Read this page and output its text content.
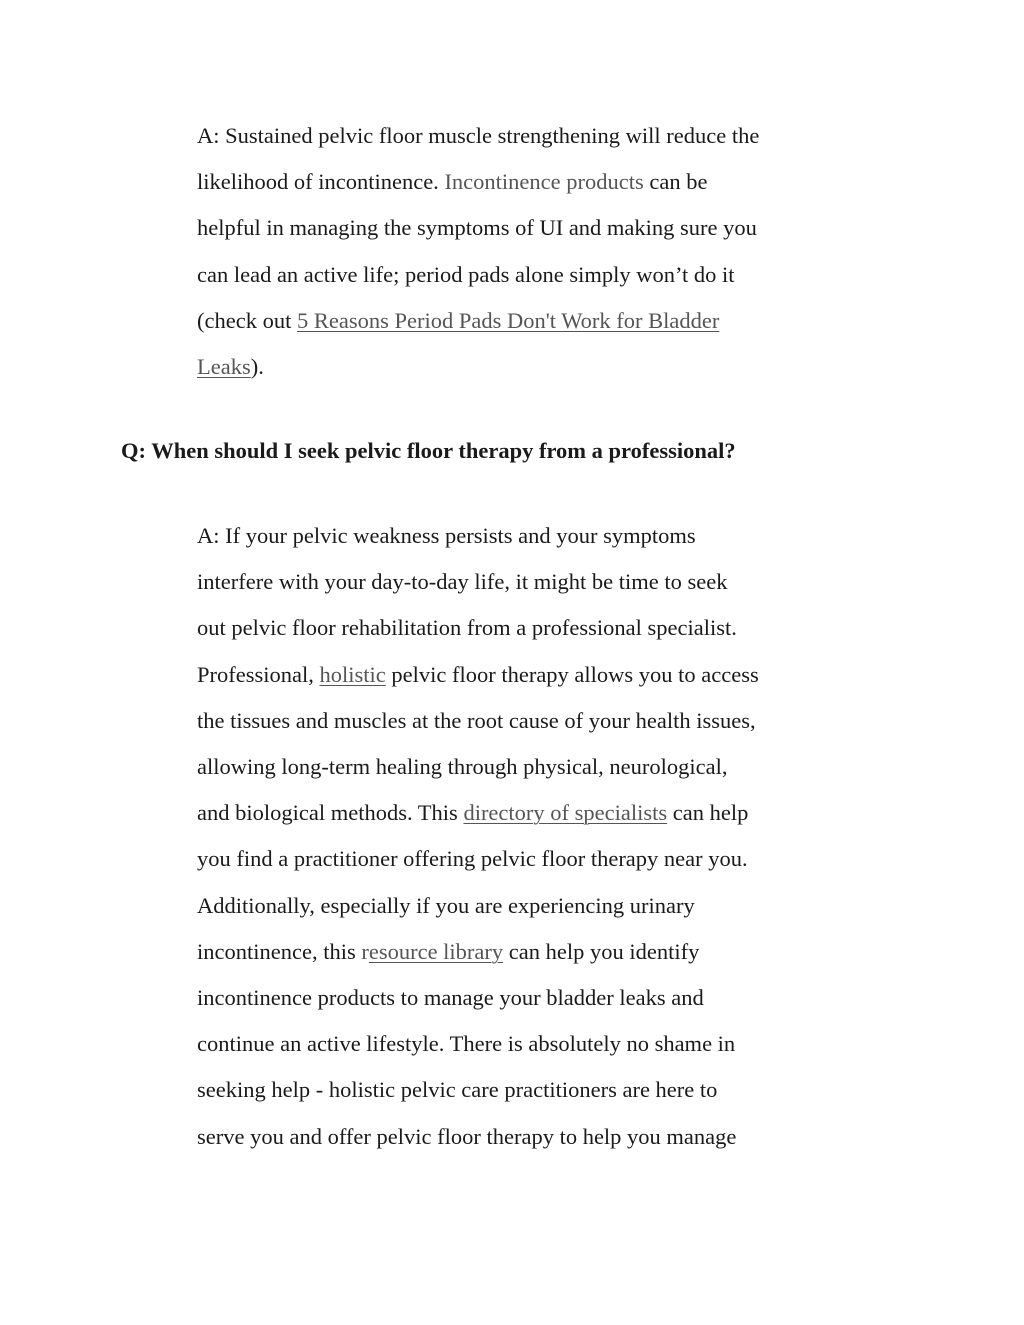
A: Sustained pelvic floor muscle strengthening will reduce the
likelihood of incontinence. Incontinence products can be
helpful in managing the symptoms of UI and making sure you
can lead an active life; period pads alone simply won’t do it
(check out 5 Reasons Period Pads Don't Work for Bladder
Leaks).

Q: When should I seek pelvic floor therapy from a professional?

A: If your pelvic weakness persists and your symptoms
interfere with your day-to-day life, it might be time to seek
out pelvic floor rehabilitation from a professional specialist.
Professional, holistic pelvic floor therapy allows you to access
the tissues and muscles at the root cause of your health issues,
allowing long-term healing through physical, neurological,
and biological methods. This directory of specialists can help
you find a practitioner offering pelvic floor therapy near you.
Additionally, especially if you are experiencing urinary
incontinence, this resource library can help you identify
incontinence products to manage your bladder leaks and
continue an active lifestyle. There is absolutely no shame in
seeking help - holistic pelvic care practitioners are here to
serve you and offer pelvic floor therapy to help you manage
